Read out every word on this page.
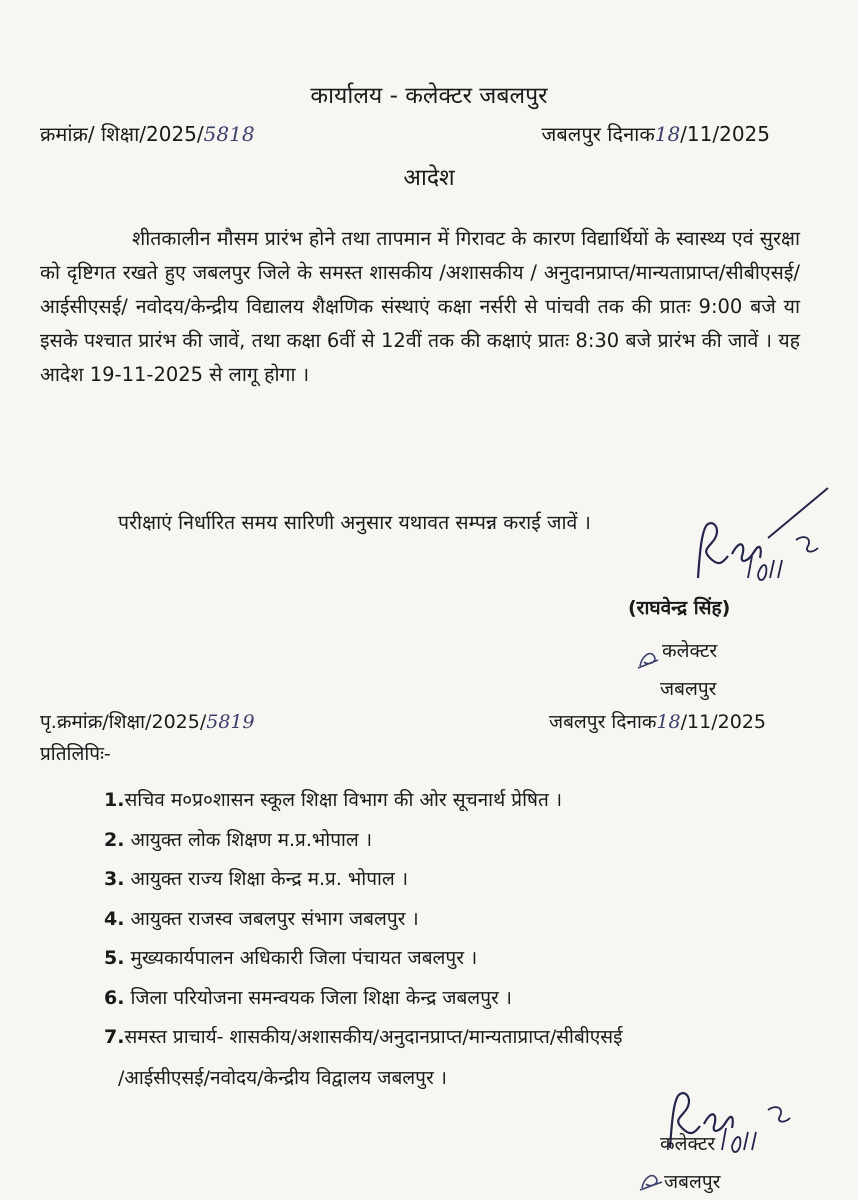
कार्यालय - कलेक्टर जबलपुर
क्रमांक्र/ शिक्षा/2025/5818	जबलपुर दिनाक18/11/2025
आदेश

शीतकालीन मौसम प्रारंभ होने तथा तापमान में गिरावट के कारण विद्यार्थियों के स्वास्थ्य एवं सुरक्षा को दृष्टिगत रखते हुए जबलपुर जिले के समस्त शासकीय /अशासकीय / अनुदानप्राप्त/मान्यताप्राप्त/सीबीएसई/आईसीएसई/ नवोदय/केन्द्रीय विद्यालय शैक्षणिक संस्थाएं कक्षा नर्सरी से पांचवी तक की प्रातः 9:00 बजे या इसके पश्चात प्रारंभ की जावें, तथा कक्षा 6वीं से 12वीं तक की कक्षाएं प्रातः 8:30 बजे प्रारंभ की जावें । यह आदेश 19-11-2025 से लागू होगा ।

परीक्षाएं निर्धारित समय सारिणी अनुसार यथावत सम्पन्न कराई जावें ।
(राघवेन्द्र सिंह)
कलेक्टर
जबलपुर
पृ.क्रमांक्र/शिक्षा/2025/5819	जबलपुर दिनाक18/11/2025
प्रतिलिपिः-
1.सचिव म०प्र०शासन स्कूल शिक्षा विभाग की ओर सूचनार्थ प्रेषित ।
2. आयुक्त लोक शिक्षण म.प्र.भोपाल ।
3. आयुक्त राज्य शिक्षा केन्द्र म.प्र. भोपाल ।
4. आयुक्त राजस्व जबलपुर संभाग जबलपुर ।
5. मुख्यकार्यपालन अधिकारी जिला पंचायत जबलपुर ।
6. जिला परियोजना समन्वयक जिला शिक्षा केन्द्र जबलपुर ।
7.समस्त प्राचार्य- शासकीय/अशासकीय/अनुदानप्राप्त/मान्यताप्राप्त/सीबीएसई
/आईसीएसई/नवोदय/केन्द्रीय विद्वालय जबलपुर ।
कलेक्टर
जबलपुर
